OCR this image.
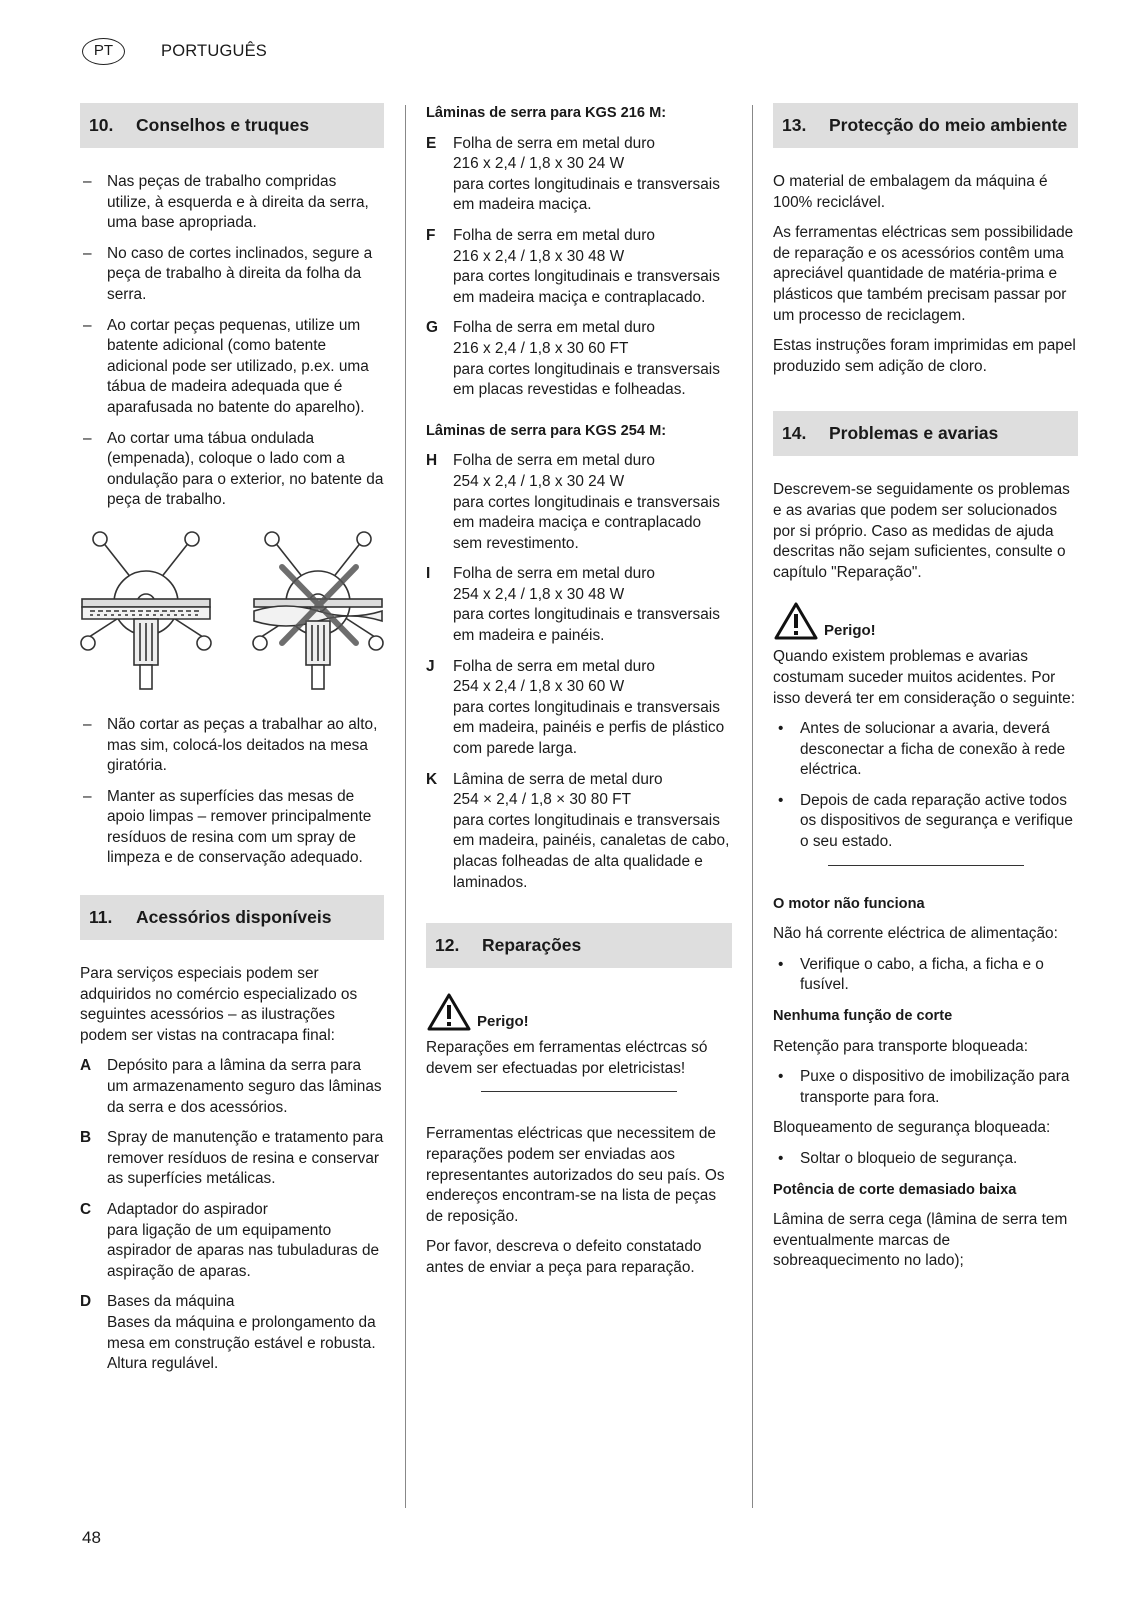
PT	PORTUGUÊS
10.	Conselhos e truques
–	Nas peças de trabalho compridas utilize, à esquerda e à direita da serra, uma base apropriada.
–	No caso de cortes inclinados, segure a peça de trabalho à direita da folha da serra.
–	Ao cortar peças pequenas, utilize um batente adicional (como batente adicional pode ser utilizado, p.ex. uma tábua de madeira adequada que é aparafusada no batente do aparelho).
–	Ao cortar uma tábua ondulada (empenada), coloque o lado com a ondulação para o exterior, no batente da peça de trabalho.
–	Não cortar as peças a trabalhar ao alto, mas sim, colocá-los deitados na mesa giratória.
–	Manter as superfícies das mesas de apoio limpas – remover principalmente resíduos de resina com um spray de limpeza e de conservação adequado.
11.	Acessórios disponíveis

Para serviços especiais podem ser adquiridos no comércio especializado os seguintes acessórios – as ilustrações podem ser vistas na contracapa final:

A	Depósito para a lâmina da serra para um armazenamento seguro das lâminas da serra e dos acessórios.
B	Spray de manutenção e tratamento para remover resíduos de resina e conservar as superfícies metálicas.
C	Adaptador do aspirador
para ligação de um equipamento aspirador de aparas nas tubuladuras de aspiração de aparas.
D	Bases da máquina
Bases da máquina e prolongamento da mesa em construção estável e robusta. Altura regulável.
Lâminas de serra para KGS 216 M:
E	Folha de serra em metal duro
216 x 2,4 / 1,8 x 30 24 W
para cortes longitudinais e transversais em madeira maciça.
F	Folha de serra em metal duro
216 x 2,4 / 1,8 x 30 48 W
para cortes longitudinais e transversais em madeira maciça e contraplacado.
G Folha de serra em metal duro
216 x 2,4 / 1,8 x 30 60 FT
para cortes longitudinais e transversais em placas revestidas e folheadas.
Lâminas de serra para KGS 254 M:
H	Folha de serra em metal duro
254 x 2,4 / 1,8 x 30 24 W
para cortes longitudinais e transversais em madeira maciça e contraplacado sem revestimento.
I	Folha de serra em metal duro
254 x 2,4 / 1,8 x 30 48 W
para cortes longitudinais e transversais em madeira e painéis.
J	Folha de serra em metal duro
254 x 2,4 / 1,8 x 30 60 W
para cortes longitudinais e transversais em madeira, painéis e perfis de plástico com parede larga.
K	Lâmina de serra de metal duro
254 × 2,4 / 1,8 × 30 80 FT
para cortes longitudinais e transversais em madeira, painéis, canaletas de cabo, placas folheadas de alta qualidade e laminados.
12.	Reparações
Perigo!

Reparações em ferramentas eléctrcas só devem ser efectuadas por eletricistas!

Ferramentas eléctricas que necessitem de reparações podem ser enviadas aos representantes autorizados do seu país. Os endereços encontram-se na lista de peças de reposição.

Por favor, descreva o defeito constatado antes de enviar a peça para reparação.

13.	Protecção do meio ambiente

O material de embalagem da máquina é 100% reciclável.

As ferramentas eléctricas sem possibilidade de reparação e os acessórios contêm uma apreciável quantidade de matéria-prima e plásticos que também precisam passar por um processo de reciclagem.

Estas instruções foram imprimidas em papel produzido sem adição de cloro.

14.	Problemas e avarias

Descrevem-se seguidamente os problemas e as avarias que podem ser solucionados por si próprio. Caso as medidas de ajuda descritas não sejam suficientes, consulte o capítulo "Reparação".

Perigo!

Quando existem problemas e avarias costumam suceder muitos acidentes. Por isso deverá ter em consideração o seguinte:

•	Antes de solucionar a avaria, deverá desconectar a ficha de conexão à rede eléctrica.
•	Depois de cada reparação active todos os dispositivos de segurança e verifique o seu estado.
O motor não funciona

Não há corrente eléctrica de alimentação:

•	Verifique o cabo, a ficha, a ficha e o fusível.
Nenhuma função de corte

Retenção para transporte bloqueada:

•	Puxe o dispositivo de imobilização para transporte para fora.

Bloqueamento de segurança bloqueada:

•	Soltar o bloqueio de segurança.
Potência de corte demasiado baixa

Lâmina de serra cega (lâmina de serra tem eventualmente marcas de sobreaquecimento no lado);

48
